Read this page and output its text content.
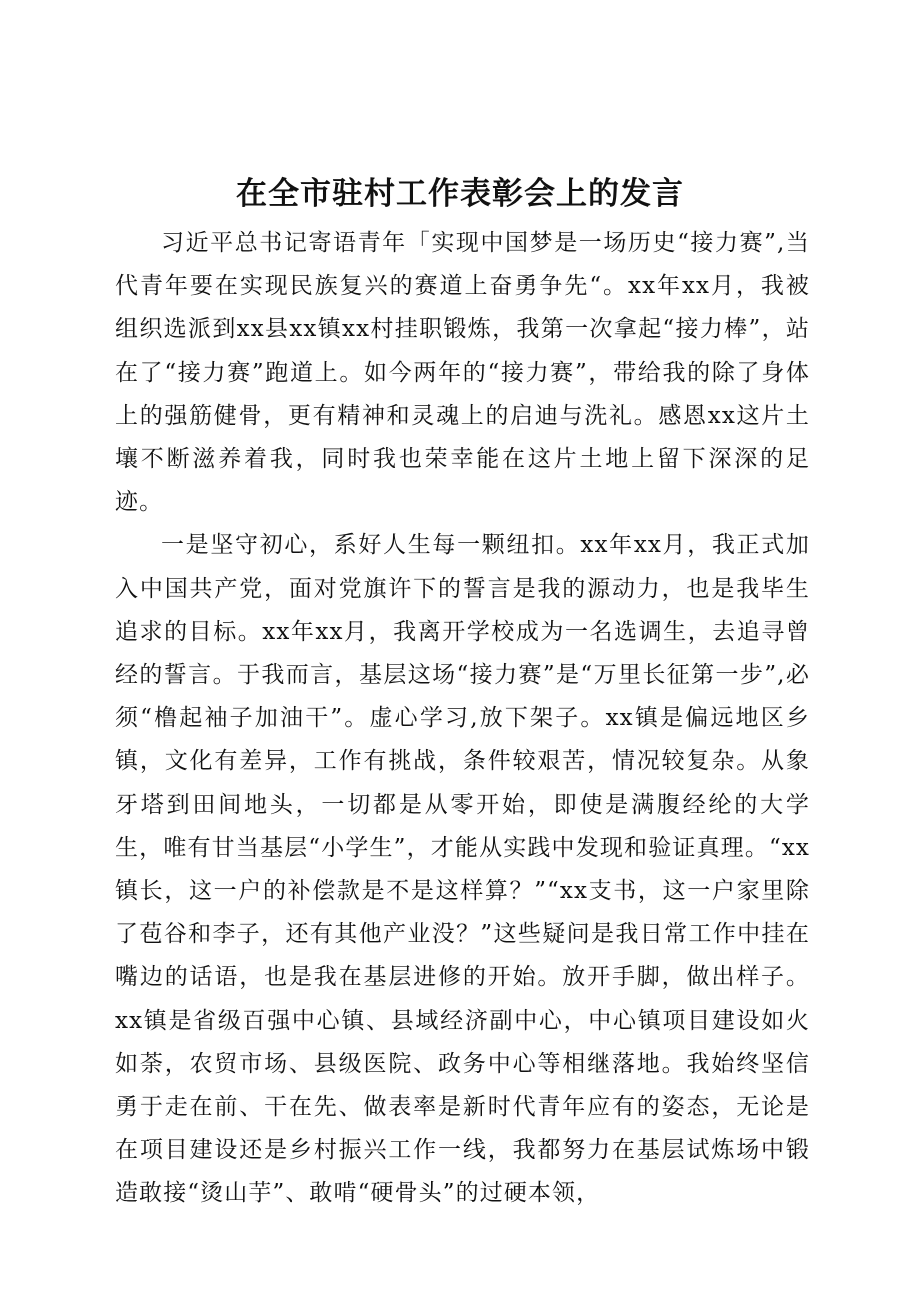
在全市驻村工作表彰会上的发言

习近平总书记寄语青年「实现中国梦是一场历史“接力赛”,当代青年要在实现民族复兴的赛道上奋勇争先“。xx年xx月，我被组织选派到xx县xx镇xx村挂职锻炼，我第一次拿起“接力棒”，站在了“接力赛”跑道上。如今两年的“接力赛”，带给我的除了身体上的强筋健骨，更有精神和灵魂上的启迪与洗礼。感恩xx这片土壤不断滋养着我，同时我也荣幸能在这片土地上留下深深的足迹。

一是坚守初心，系好人生每一颗纽扣。xx年xx月，我正式加入中国共产党，面对党旗许下的誓言是我的源动力，也是我毕生追求的目标。xx年xx月，我离开学校成为一名选调生，去追寻曾经的誓言。于我而言，基层这场“接力赛”是“万里长征第一步”,必须“橹起袖子加油干”。虚心学习,放下架子。xx镇是偏远地区乡镇，文化有差异，工作有挑战，条件较艰苦，情况较复杂。从象牙塔到田间地头，一切都是从零开始，即使是满腹经纶的大学生，唯有甘当基层“小学生”，才能从实践中发现和验证真理。“xx镇长，这一户的补偿款是不是这样算？”“xx支书，这一户家里除了苞谷和李子，还有其他产业没？”这些疑问是我日常工作中挂在嘴边的话语，也是我在基层进修的开始。放开手脚，做出样子。xx镇是省级百强中心镇、县域经济副中心，中心镇项目建设如火如荼，农贸市场、县级医院、政务中心等相继落地。我始终坚信勇于走在前、干在先、做表率是新时代青年应有的姿态，无论是在项目建设还是乡村振兴工作一线，我都努力在基层试炼场中锻造敢接“烫山芋”、敢啃“硬骨头”的过硬本领，
